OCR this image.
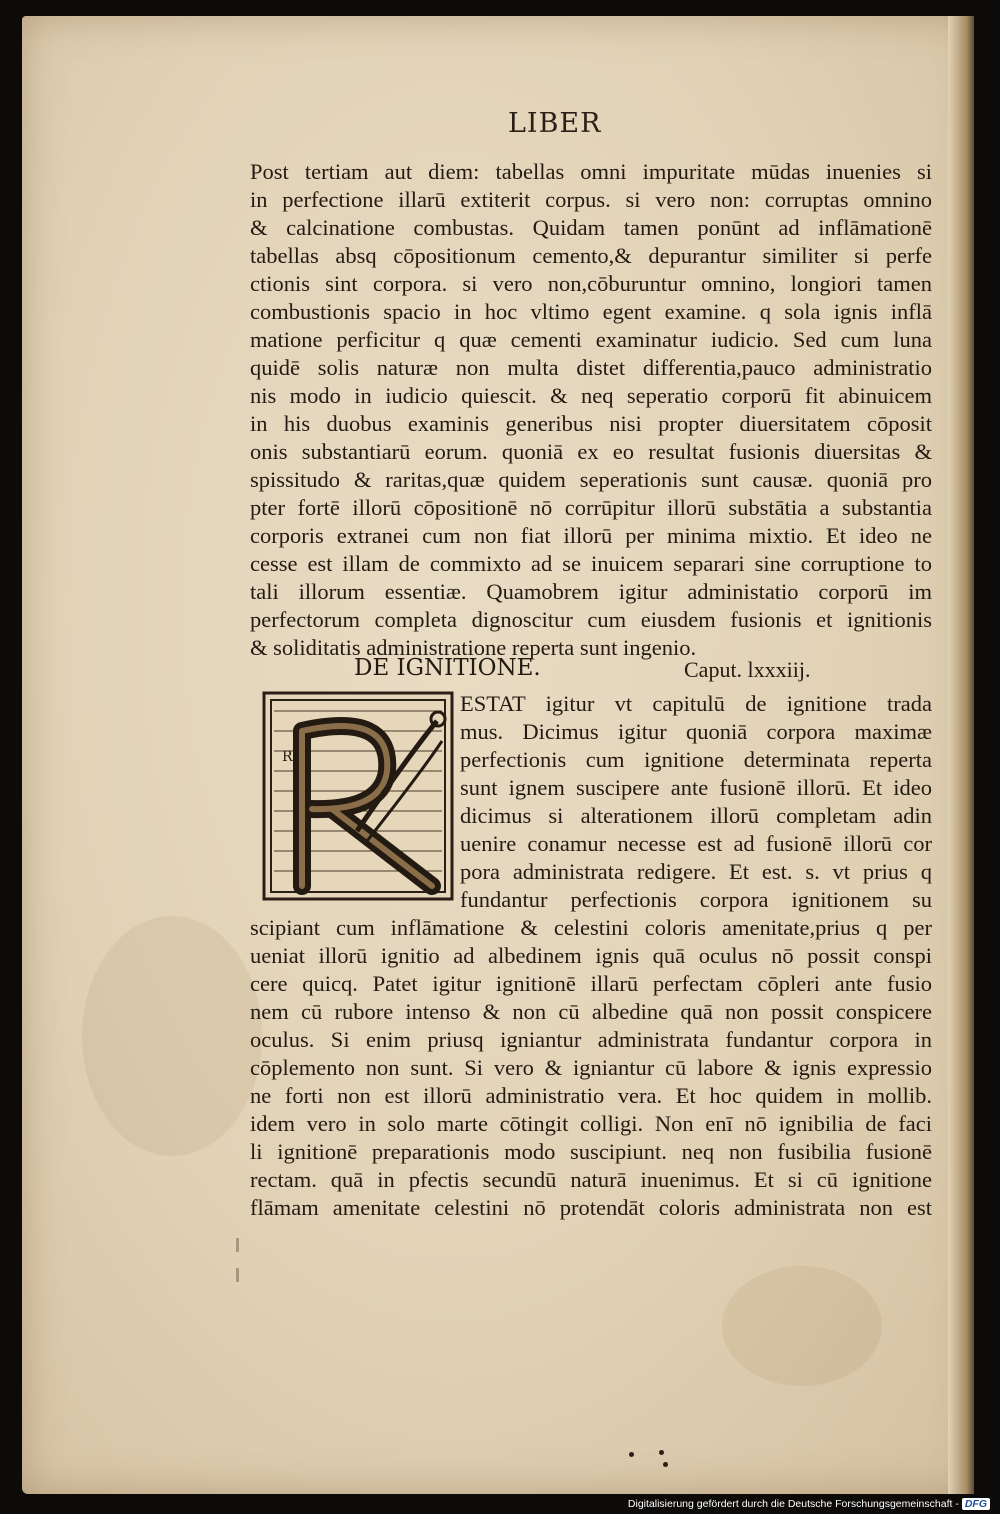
LIBER
Post tertiam aut diem: tabellas omni impuritate mūdas inuenies si
in perfectione illarū extiterit corpus. si vero non: corruptas omnino
& calcinatione combustas. Quidam tamen ponūnt ad inflāmationē
tabellas absq cōpositionum cemento,& depurantur similiter si perfe
ctionis sint corpora. si vero non,cōburuntur omnino, longiori tamen
combustionis spacio in hoc vltimo egent examine. q sola ignis inflā
matione perficitur q quæ cementi examinatur iudicio. Sed cum luna
quidē solis naturæ non multa distet differentia,pauco administratio
nis modo in iudicio quiescit. & neq seperatio corporū fit abinuicem
in his duobus examinis generibus nisi propter diuersitatem cōposit
onis substantiarū eorum. quoniā ex eo resultat fusionis diuersitas &
spissitudo & raritas,quæ quidem seperationis sunt causæ. quoniā pro
pter fortē illorū cōpositionē nō corrūpitur illorū substātia a substantia
corporis extranei cum non fiat illorū per minima mixtio. Et ideo ne
cesse est illam de commixto ad se inuicem separari sine corruptione to
tali illorum essentiæ. Quamobrem igitur administatio corporū im
perfectorum completa dignoscitur cum eiusdem fusionis et ignitionis
& soliditatis administratione reperta sunt ingenio.
DE IGNITIONE.	Caput. lxxxiij.
R
ESTAT igitur vt capitulū de ignitione trada
mus. Dicimus igitur quoniā corpora maximæ
perfectionis cum ignitione determinata reperta
sunt ignem suscipere ante fusionē illorū. Et ideo
dicimus si alterationem illorū completam adin
uenire conamur necesse est ad fusionē illorū cor
pora administrata redigere. Et est. s. vt prius q
fundantur perfectionis corpora ignitionem su
scipiant cum inflāmatione & celestini coloris amenitate,prius q per
ueniat illorū ignitio ad albedinem ignis quā oculus nō possit conspi
cere quicq. Patet igitur ignitionē illarū perfectam cōpleri ante fusio
nem cū rubore intenso & non cū albedine quā non possit conspicere
oculus. Si enim priusq igniantur administrata fundantur corpora in
cōplemento non sunt. Si vero & igniantur cū labore & ignis expressio
ne forti non est illorū administratio vera. Et hoc quidem in mollib.
idem vero in solo marte cōtingit colligi. Non enī nō ignibilia de faci
li ignitionē preparationis modo suscipiunt. neq non fusibilia fusionē
rectam. quā in pfectis secundū naturā inuenimus. Et si cū ignitione
flāmam amenitate celestini nō protendāt coloris administrata non est
Digitalisierung gefördert durch die Deutsche Forschungsgemeinschaft - DFG
